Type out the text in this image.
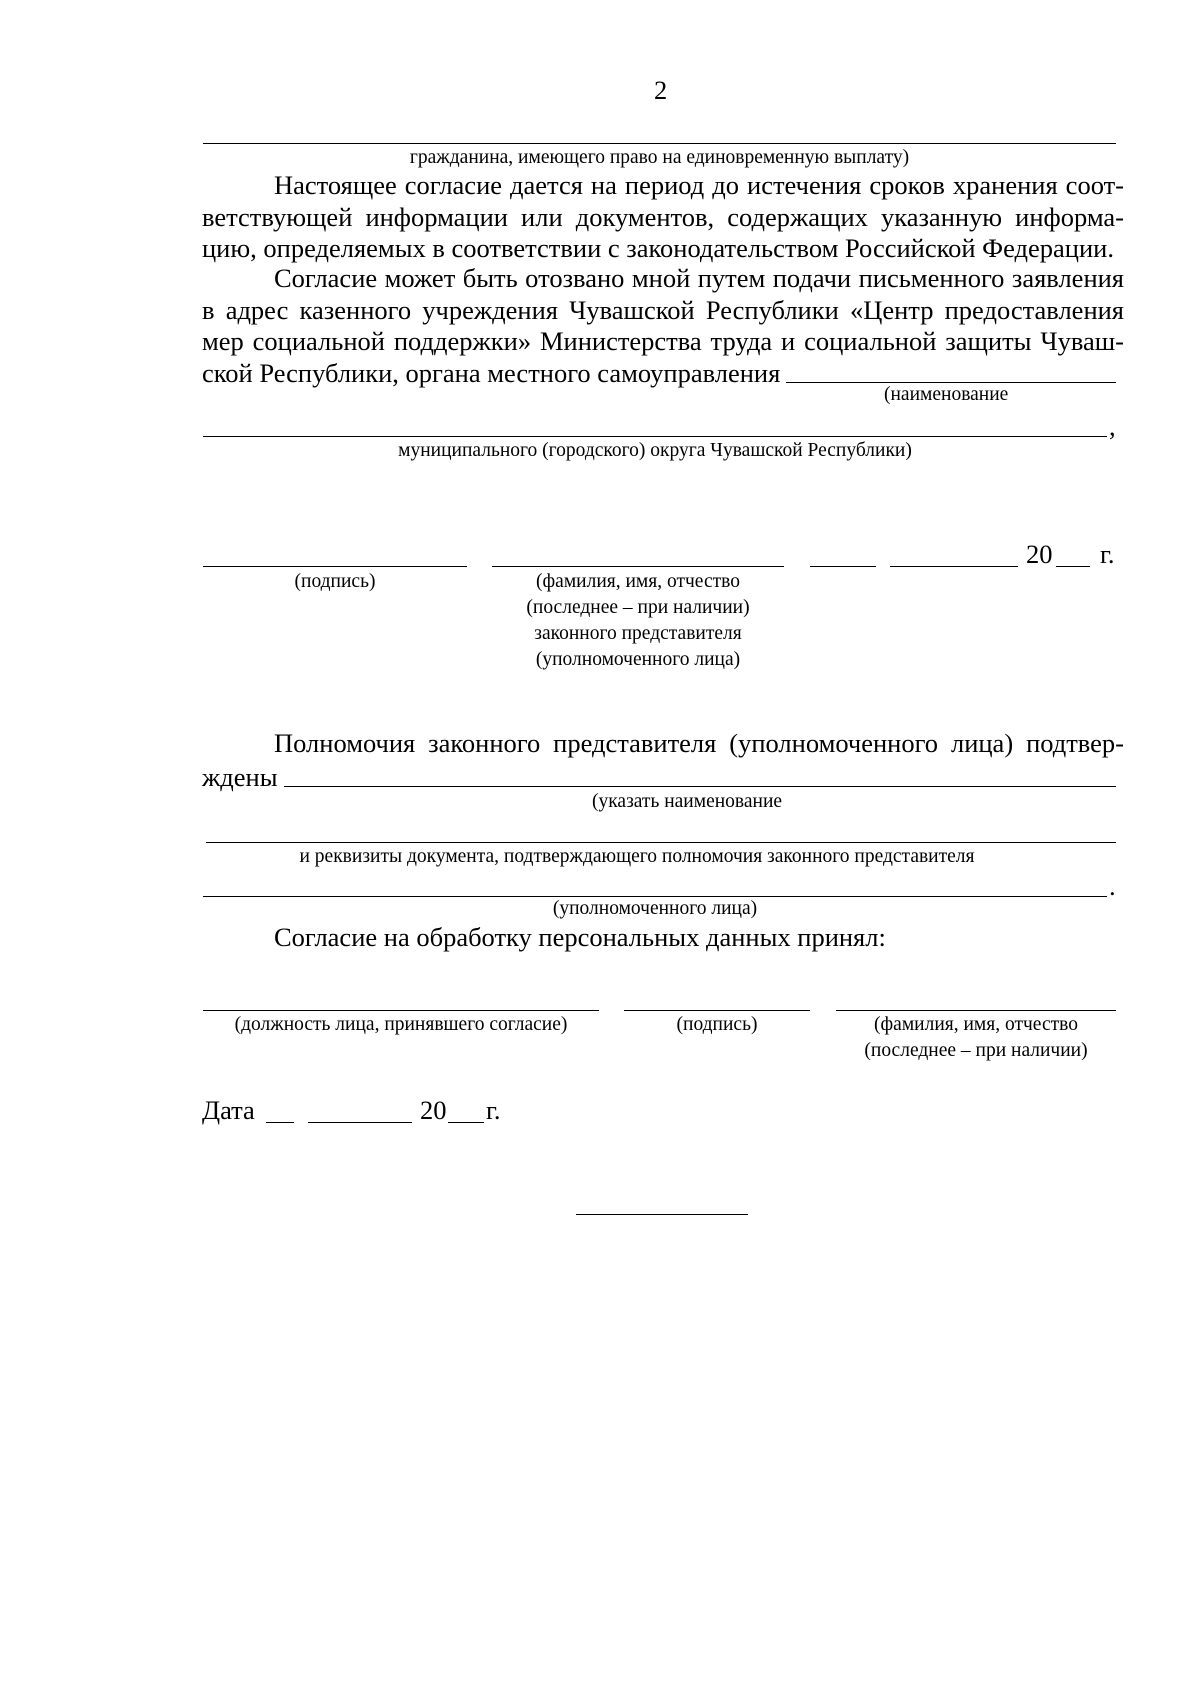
2
гражданина, имеющего право на единовременную выплату)
Настоящее согласие дается на период до истечения сроков хранения соот-
ветствующей информации или документов, содержащих указанную информа-
цию, определяемых в соответствии с законодательством Российской Федерации.
Согласие может быть отозвано мной путем подачи письменного заявления
в адрес казенного учреждения Чувашской Республики «Центр предоставления
мер социальной поддержки» Министерства труда и социальной защиты Чуваш-
ской Республики, органа местного самоуправления
(наименование
,
муниципального (городского) округа Чувашской Республики)
20 г.
(подпись)	(фамилия, имя, отчество
(последнее – при наличии)
законного представителя
(уполномоченного лица)
Полномочия законного представителя (уполномоченного лица) подтвер-
ждены
(указать наименование
и реквизиты документа, подтверждающего полномочия законного представителя
.
(уполномоченного лица)
Согласие на обработку персональных данных принял:
(должность лица, принявшего согласие)	(подпись)	(фамилия, имя, отчество
(последнее – при наличии)
Дата	20 г.
